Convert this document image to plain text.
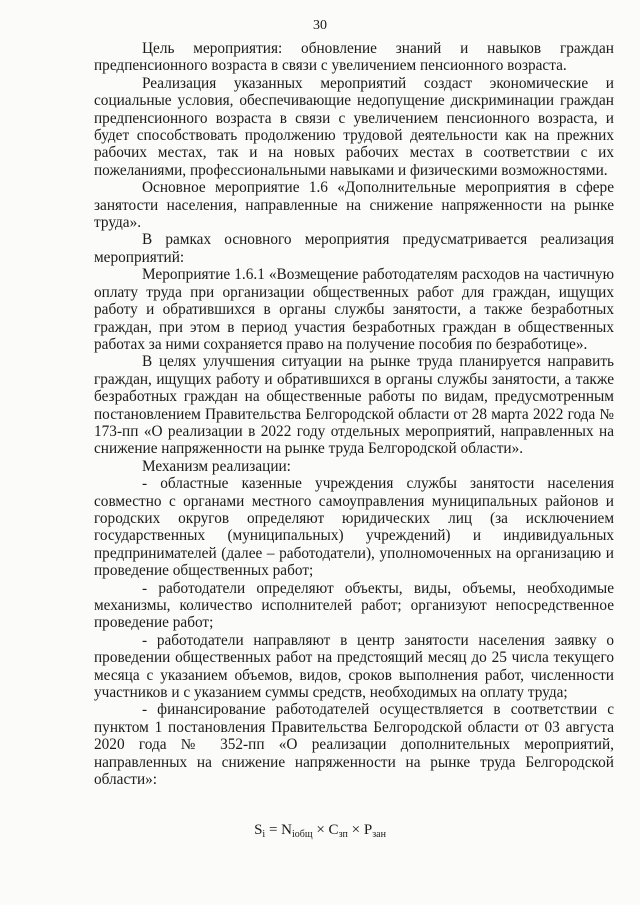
30

Цель мероприятия: обновление знаний и навыков граждан предпенсионного возраста в связи с увеличением пенсионного возраста.

Реализация указанных мероприятий создаст экономические и социальные условия, обеспечивающие недопущение дискриминации граждан предпенсионного возраста в связи с увеличением пенсионного возраста, и будет способствовать продолжению трудовой деятельности как на прежних рабочих местах, так и на новых рабочих местах в соответствии с их пожеланиями, профессиональными навыками и физическими возможностями.

Основное мероприятие 1.6 «Дополнительные мероприятия в сфере занятости населения, направленные на снижение напряженности на рынке труда».

В рамках основного мероприятия предусматривается реализация мероприятий:

Мероприятие 1.6.1 «Возмещение работодателям расходов на частичную оплату труда при организации общественных работ для граждан, ищущих работу и обратившихся в органы службы занятости, а также безработных граждан, при этом в период участия безработных граждан в общественных работах за ними сохраняется право на получение пособия по безработице».

В целях улучшения ситуации на рынке труда планируется направить граждан, ищущих работу и обратившихся в органы службы занятости, а также безработных граждан на общественные работы по видам, предусмотренным постановлением Правительства Белгородской области от 28 марта 2022 года № 173-пп «О реализации в 2022 году отдельных мероприятий, направленных на снижение напряженности на рынке труда Белгородской области».

Механизм реализации:

- областные казенные учреждения службы занятости населения совместно с органами местного самоуправления муниципальных районов и городских округов определяют юридических лиц (за исключением государственных (муниципальных) учреждений) и индивидуальных предпринимателей (далее – работодатели), уполномоченных на организацию и проведение общественных работ;

- работодатели определяют объекты, виды, объемы, необходимые механизмы, количество исполнителей работ; организуют непосредственное проведение работ;

- работодатели направляют в центр занятости населения заявку о проведении общественных работ на предстоящий месяц до 25 числа текущего месяца с указанием объемов, видов, сроков выполнения работ, численности участников и с указанием суммы средств, необходимых на оплату труда;

- финансирование работодателей осуществляется в соответствии с пунктом 1 постановления Правительства Белгородской области от 03 августа 2020 года № 352-пп «О реализации дополнительных мероприятий, направленных на снижение напряженности на рынке труда Белгородской области»:

$S_i = N_{iобщ} \times C_{зп} \times P_{зан}$
